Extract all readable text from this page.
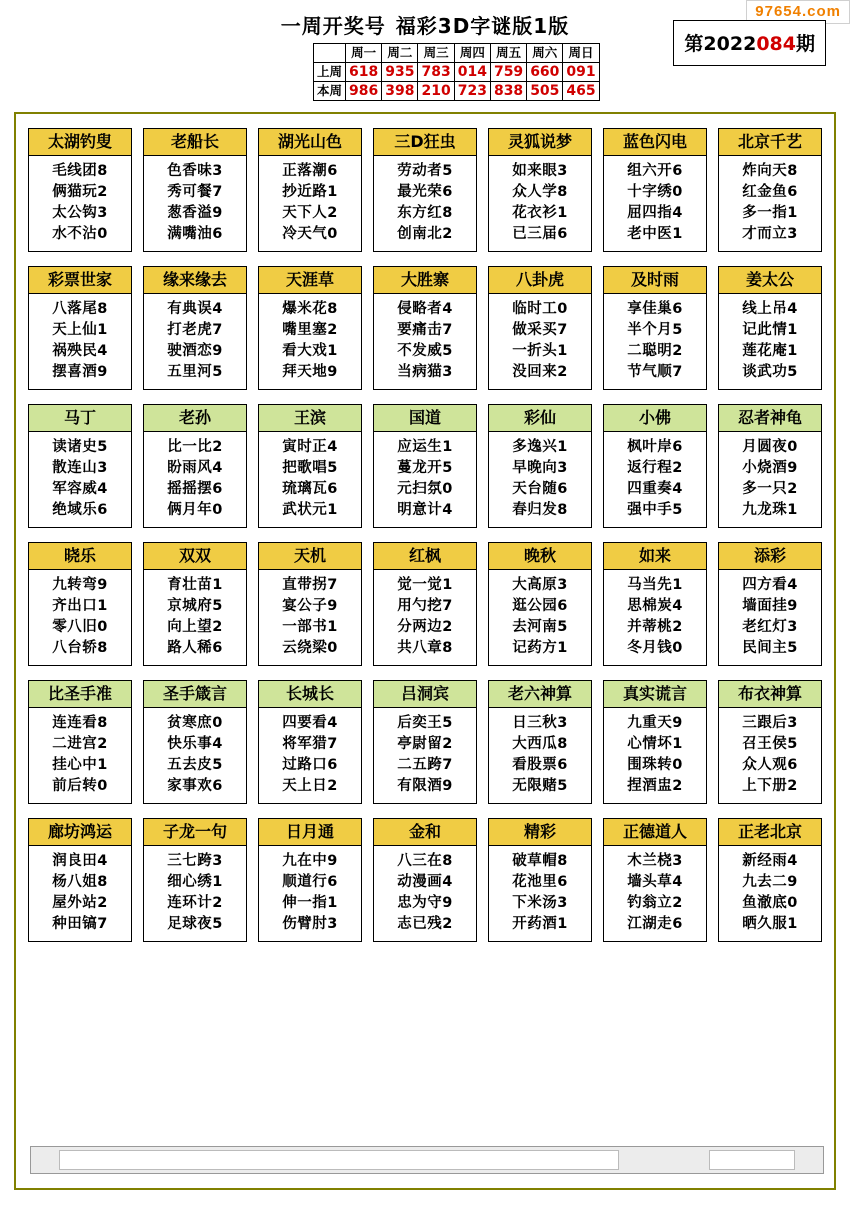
97654.com
一周开奖号 福彩3D字谜版1版
	周一	周二	周三	周四	周五	周六	周日
上周	618	935	783	014	759	660	091
本周	986	398	210	723	838	505	465
第2022084期
太湖钓叟
毛线团8
俩猫玩2
太公钩3
水不沾0
老船长
色香味3
秀可餐7
葱香溢9
满嘴油6
湖光山色
正落潮6
抄近路1
天下人2
冷天气0
三D狂虫
劳动者5
最光荣6
东方红8
创南北2
灵狐说梦
如来眼3
众人学8
花衣衫1
已三届6
蓝色闪电
组六开6
十字绣0
屈四指4
老中医1
北京千艺
炸向天8
红金鱼6
多一指1
才而立3
彩票世家
八落尾8
天上仙1
祸殃民4
摆喜酒9
缘来缘去
有典误4
打老虎7
驶酒恋9
五里河5
天涯草
爆米花8
嘴里塞2
看大戏1
拜天地9
大胜寨
侵略者4
要痛击7
不发威5
当病猫3
八卦虎
临时工0
做采买7
一折头1
没回来2
及时雨
享佳巢6
半个月5
二聪明2
节气顺7
姜太公
线上吊4
记此情1
莲花庵1
谈武功5
马丁
读诸史5
散连山3
军容威4
绝域乐6
老孙
比一比2
盼雨风4
摇摇摆6
俩月年0
王滨
寅时正4
把歌唱5
琉璃瓦6
武状元1
国道
应运生1
蔓龙开5
元扫氛0
明意计4
彩仙
多逸兴1
早晚向3
天台随6
春归发8
小佛
枫叶岸6
返行程2
四重奏4
强中手5
忍者神龟
月圆夜0
小烧酒9
多一只2
九龙珠1
晓乐
九转弯9
齐出口1
零八旧0
八台轿8
双双
育壮苗1
京城府5
向上望2
路人稀6
天机
直带拐7
宴公子9
一部书1
云绕梁0
红枫
觉一觉1
用勺挖7
分两边2
共八章8
晚秋
大高原3
逛公园6
去河南5
记药方1
如来
马当先1
思棉炭4
并蒂桃2
冬月钱0
添彩
四方看4
墙面挂9
老红灯3
民间主5
比圣手准
连连看8
二进宫2
挂心中1
前后转0
圣手箴言
贫寒庶0
快乐事4
五去皮5
家事欢6
长城长
四要看4
将军猎7
过路口6
天上日2
吕洞宾
后奕王5
亭尉留2
二五跨7
有限酒9
老六神算
日三秋3
大西瓜8
看股票6
无限赌5
真实谎言
九重天9
心情坏1
围珠转0
捏酒盅2
布衣神算
三跟后3
召王侯5
众人观6
上下册2
廊坊鸿运
润良田4
杨八姐8
屋外站2
种田镐7
子龙一句
三七跨3
细心绣1
连环计2
足球夜5
日月通
九在中9
顺道行6
伸一指1
伤臂肘3
金和
八三在8
动漫画4
忠为守9
志已残2
精彩
破草帽8
花池里6
下米汤3
开药酒1
正德道人
木兰桡3
墙头草4
钓翁立2
江湖走6
正老北京
新经雨4
九去二9
鱼澈底0
晒久服1
